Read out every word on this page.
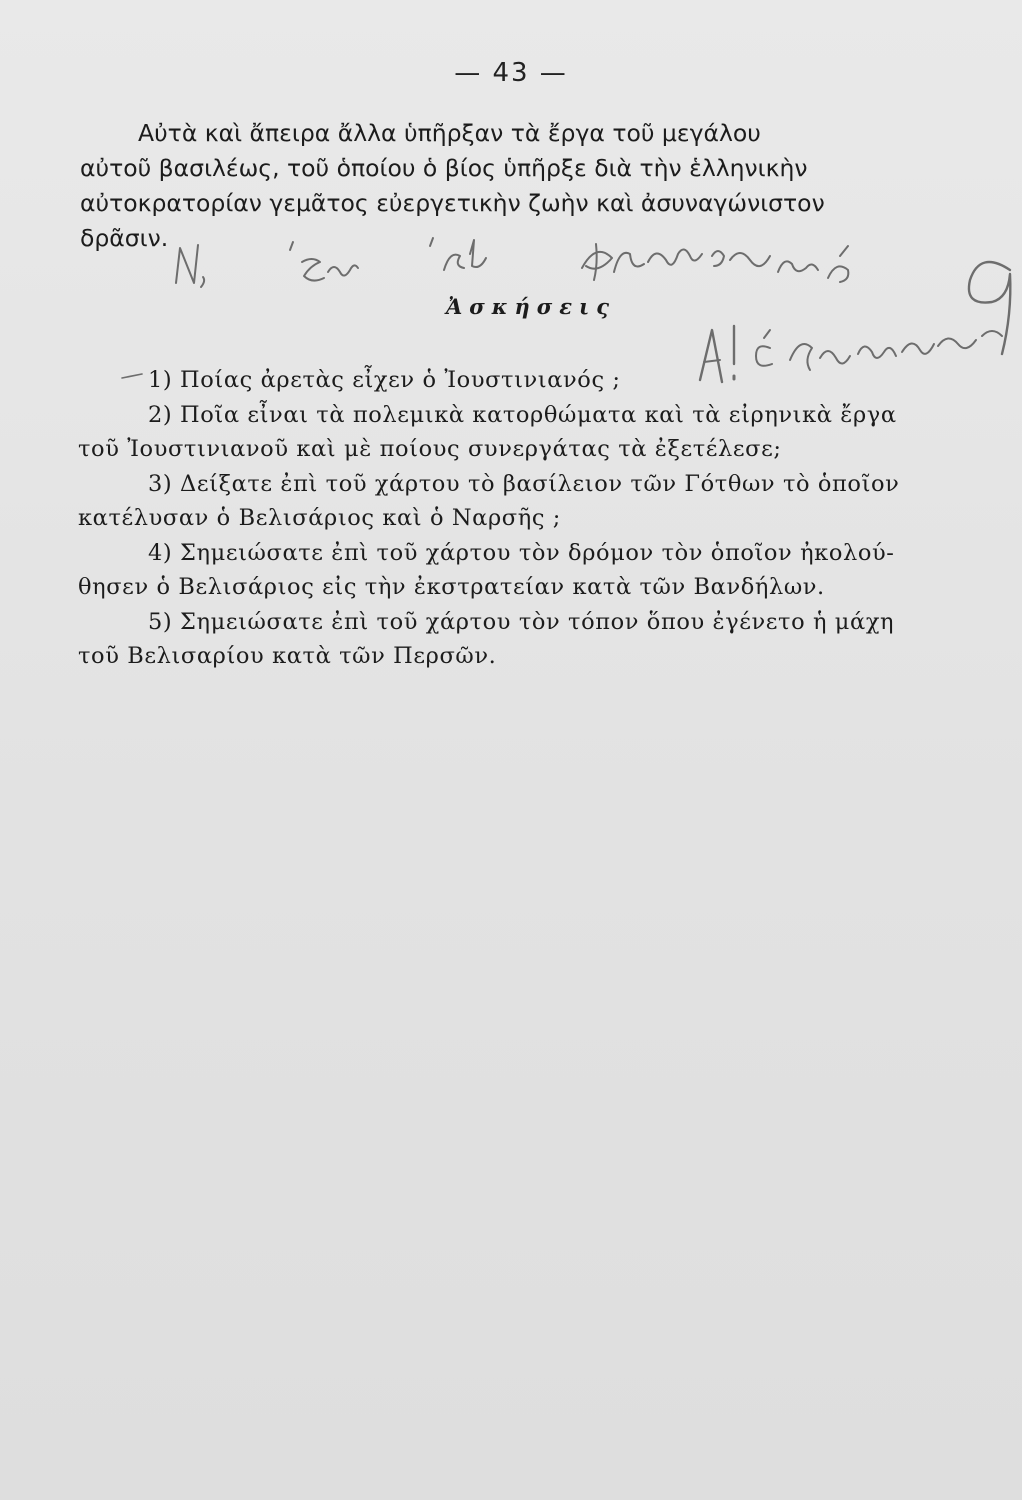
— 43 —
Αὐτὰ καὶ ἄπειρα ἄλλα ὑπῆρξαν τὰ ἔργα τοῦ μεγάλου
αὐτοῦ βασιλέως, τοῦ ὁποίου ὁ βίος ὑπῆρξε διὰ τὴν ἑλληνικὴν
αὐτοκρατορίαν γεμᾶτος εὐεργετικὴν ζωὴν καὶ ἀσυναγώνιστον
δρᾶσιν.
Ἀσκήσεις
1) Ποίας ἀρετὰς εἶχεν ὁ Ἰουστινιανός ;
2) Ποῖα εἶναι τὰ πολεμικὰ κατορθώματα καὶ τὰ εἰρηνικὰ ἔργα
τοῦ Ἰουστινιανοῦ καὶ μὲ ποίους συνεργάτας τὰ ἐξετέλεσε;
3) Δείξατε ἐπὶ τοῦ χάρτου τὸ βασίλειον τῶν Γότθων τὸ ὁποῖον
κατέλυσαν ὁ Βελισάριος καὶ ὁ Ναρσῆς ;
4) Σημειώσατε ἐπὶ τοῦ χάρτου τὸν δρόμον τὸν ὁποῖον ἠκολού-
θησεν ὁ Βελισάριος εἰς τὴν ἐκστρατείαν κατὰ τῶν Βανδήλων.
5) Σημειώσατε ἐπὶ τοῦ χάρτου τὸν τόπον ὅπου ἐγένετο ἡ μάχη
τοῦ Βελισαρίου κατὰ τῶν Περσῶν.
